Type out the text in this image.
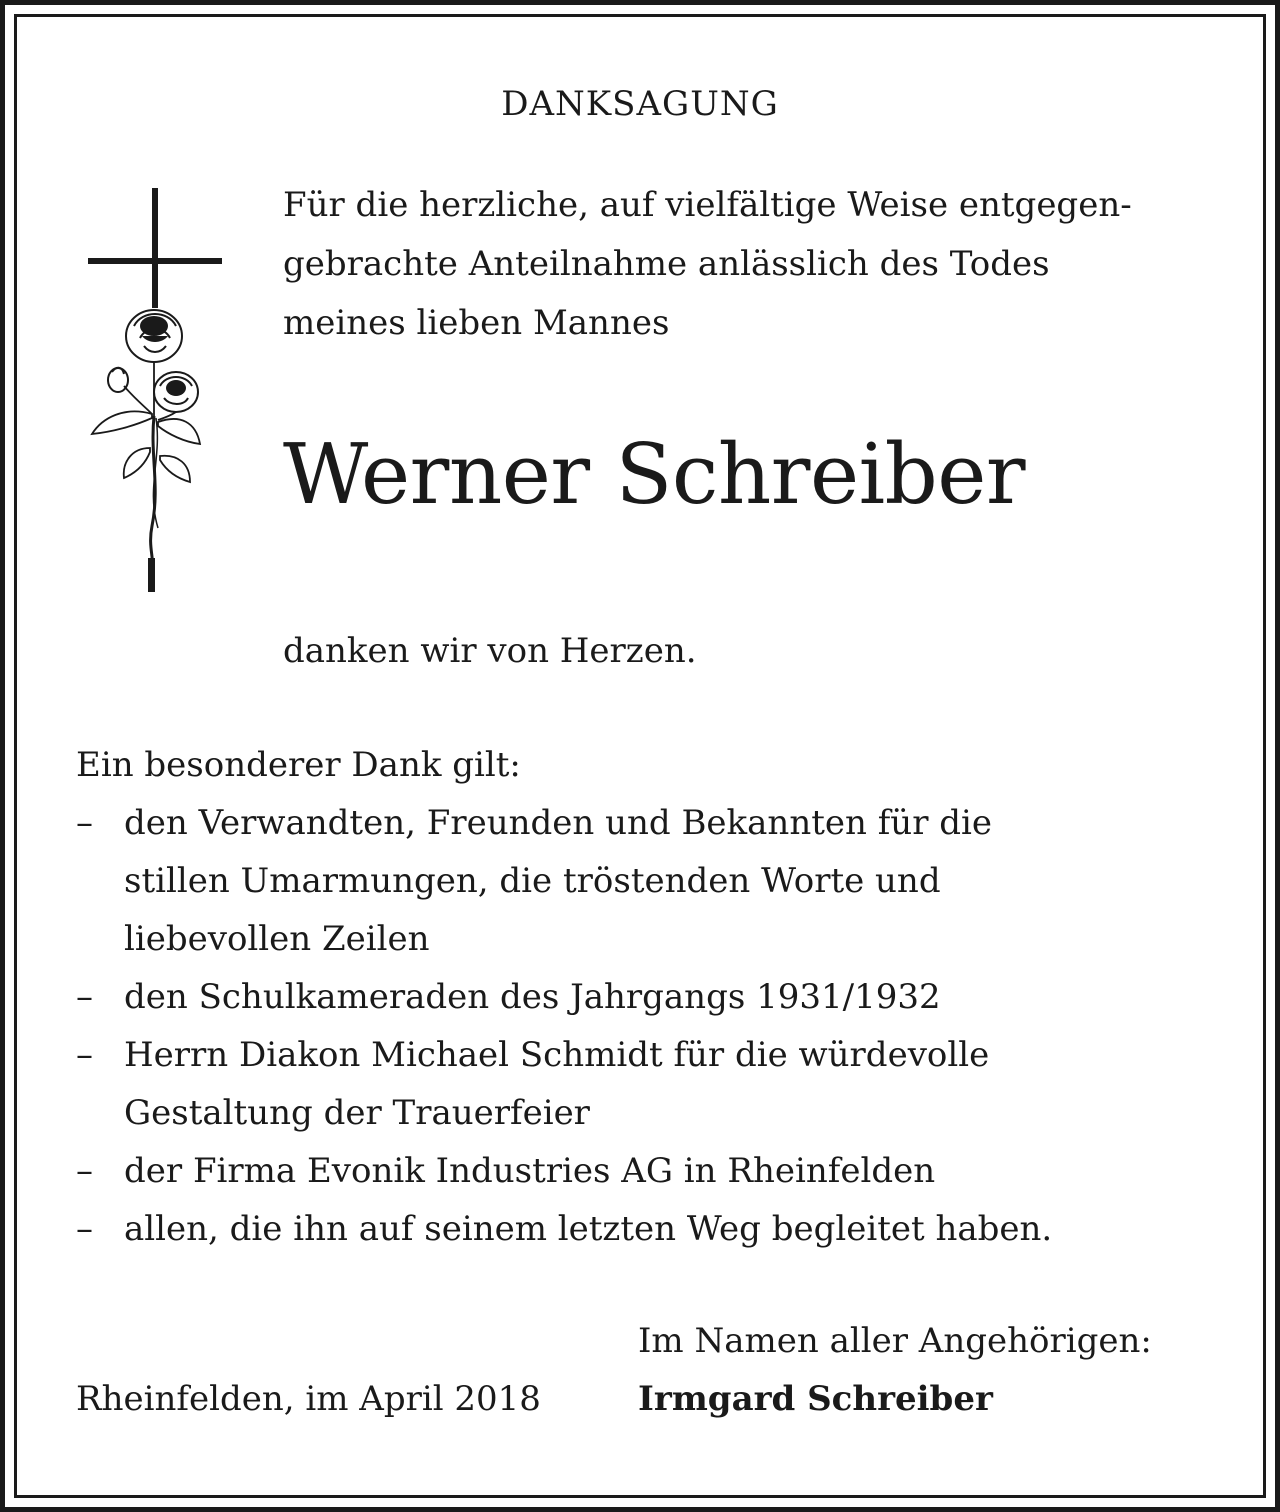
DANKSAGUNG
Für die herzliche, auf vielfältige Weise entgegen-
gebrachte Anteilnahme anlässlich des Todes
meines lieben Mannes
Werner Schreiber
danken wir von Herzen.
Ein besonderer Dank gilt:
– den Verwandten, Freunden und Bekannten für die
stillen Umarmungen, die tröstenden Worte und
liebevollen Zeilen
– den Schulkameraden des Jahrgangs 1931/1932
– Herrn Diakon Michael Schmidt für die würdevolle
Gestaltung der Trauerfeier
– der Firma Evonik Industries AG in Rheinfelden
– allen, die ihn auf seinem letzten Weg begleitet haben.
Im Namen aller Angehörigen:
Rheinfelden, im April 2018	Irmgard Schreiber
